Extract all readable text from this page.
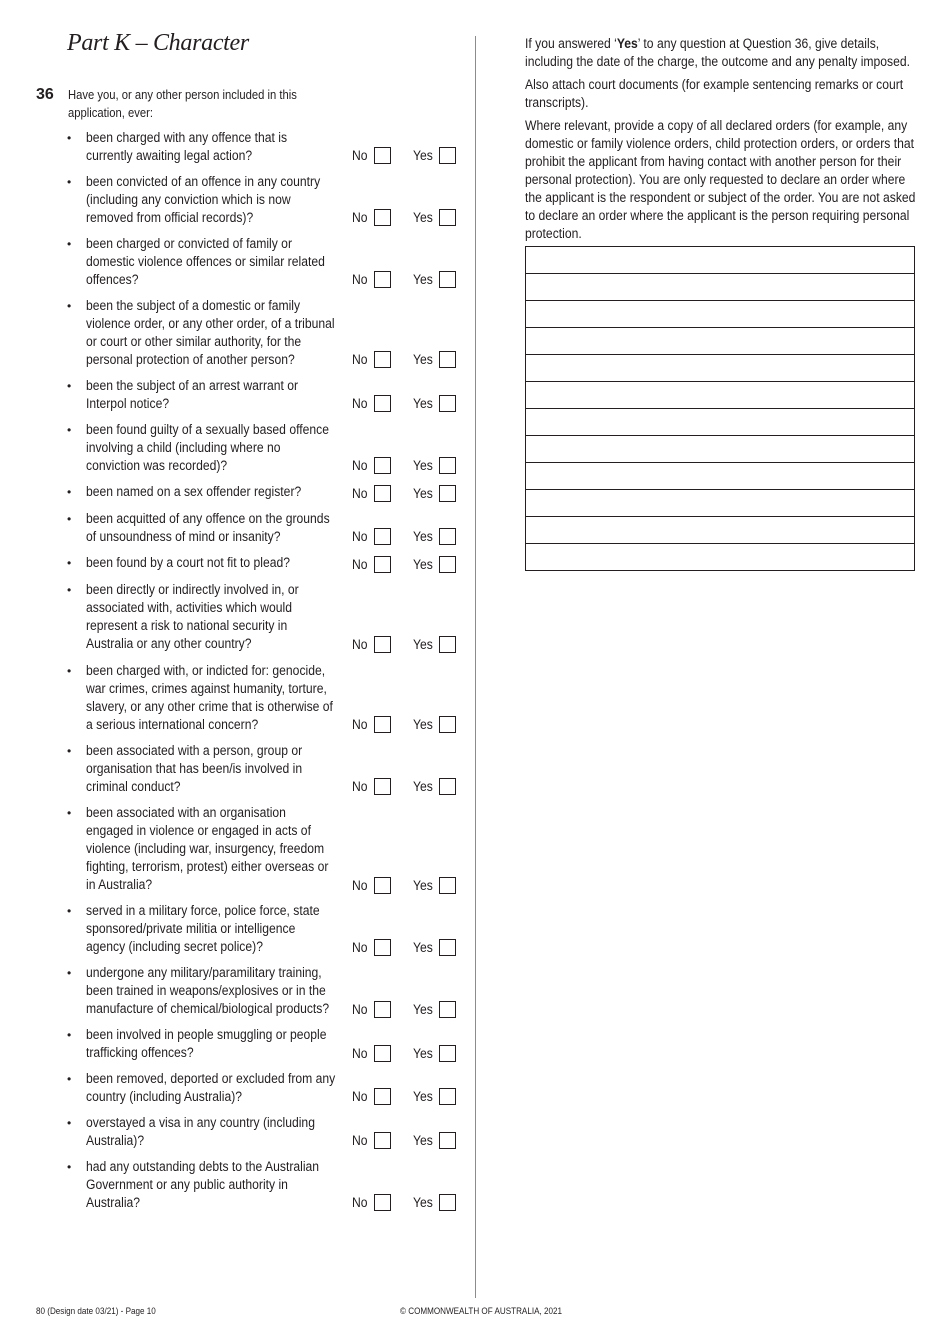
Part K – Character
36 Have you, or any other person included in this application, ever:
• been charged with any offence that is currently awaiting legal action?	No	Yes
• been convicted of an offence in any country (including any conviction which is now removed from official records)?	No	Yes
• been charged or convicted of family or domestic violence offences or similar related offences?	No	Yes
• been the subject of a domestic or family violence order, or any other order, of a tribunal or court or other similar authority, for the personal protection of another person?	No	Yes
• been the subject of an arrest warrant or Interpol notice?	No	Yes
• been found guilty of a sexually based offence involving a child (including where no conviction was recorded)?	No	Yes
• been named on a sex offender register?	No	Yes
• been acquitted of any offence on the grounds of unsoundness of mind or insanity?	No	Yes
• been found by a court not fit to plead?	No	Yes
• been directly or indirectly involved in, or associated with, activities which would represent a risk to national security in Australia or any other country?	No	Yes
• been charged with, or indicted for: genocide, war crimes, crimes against humanity, torture, slavery, or any other crime that is otherwise of a serious international concern?	No	Yes
• been associated with a person, group or organisation that has been/is involved in criminal conduct?	No	Yes
• been associated with an organisation engaged in violence or engaged in acts of violence (including war, insurgency, freedom fighting, terrorism, protest) either overseas or in Australia?	No	Yes
• served in a military force, police force, state sponsored/private militia or intelligence agency (including secret police)?	No	Yes
• undergone any military/paramilitary training, been trained in weapons/explosives or in the manufacture of chemical/biological products?	No	Yes
• been involved in people smuggling or people trafficking offences?	No	Yes
• been removed, deported or excluded from any country (including Australia)?	No	Yes
• overstayed a visa in any country (including Australia)?	No	Yes
• had any outstanding debts to the Australian Government or any public authority in Australia?	No	Yes
If you answered ‘Yes’ to any question at Question 36, give details, including the date of the charge, the outcome and any penalty imposed.
Also attach court documents (for example sentencing remarks or court transcripts).
Where relevant, provide a copy of all declared orders (for example, any domestic or family violence orders, child protection orders, or orders that prohibit the applicant from having contact with another person for their personal protection). You are only requested to declare an order where the applicant is the respondent or subject of the order. You are not asked to declare an order where the applicant is the person requiring personal protection.
80 (Design date 03/21) - Page 10	© COMMONWEALTH OF AUSTRALIA, 2021
